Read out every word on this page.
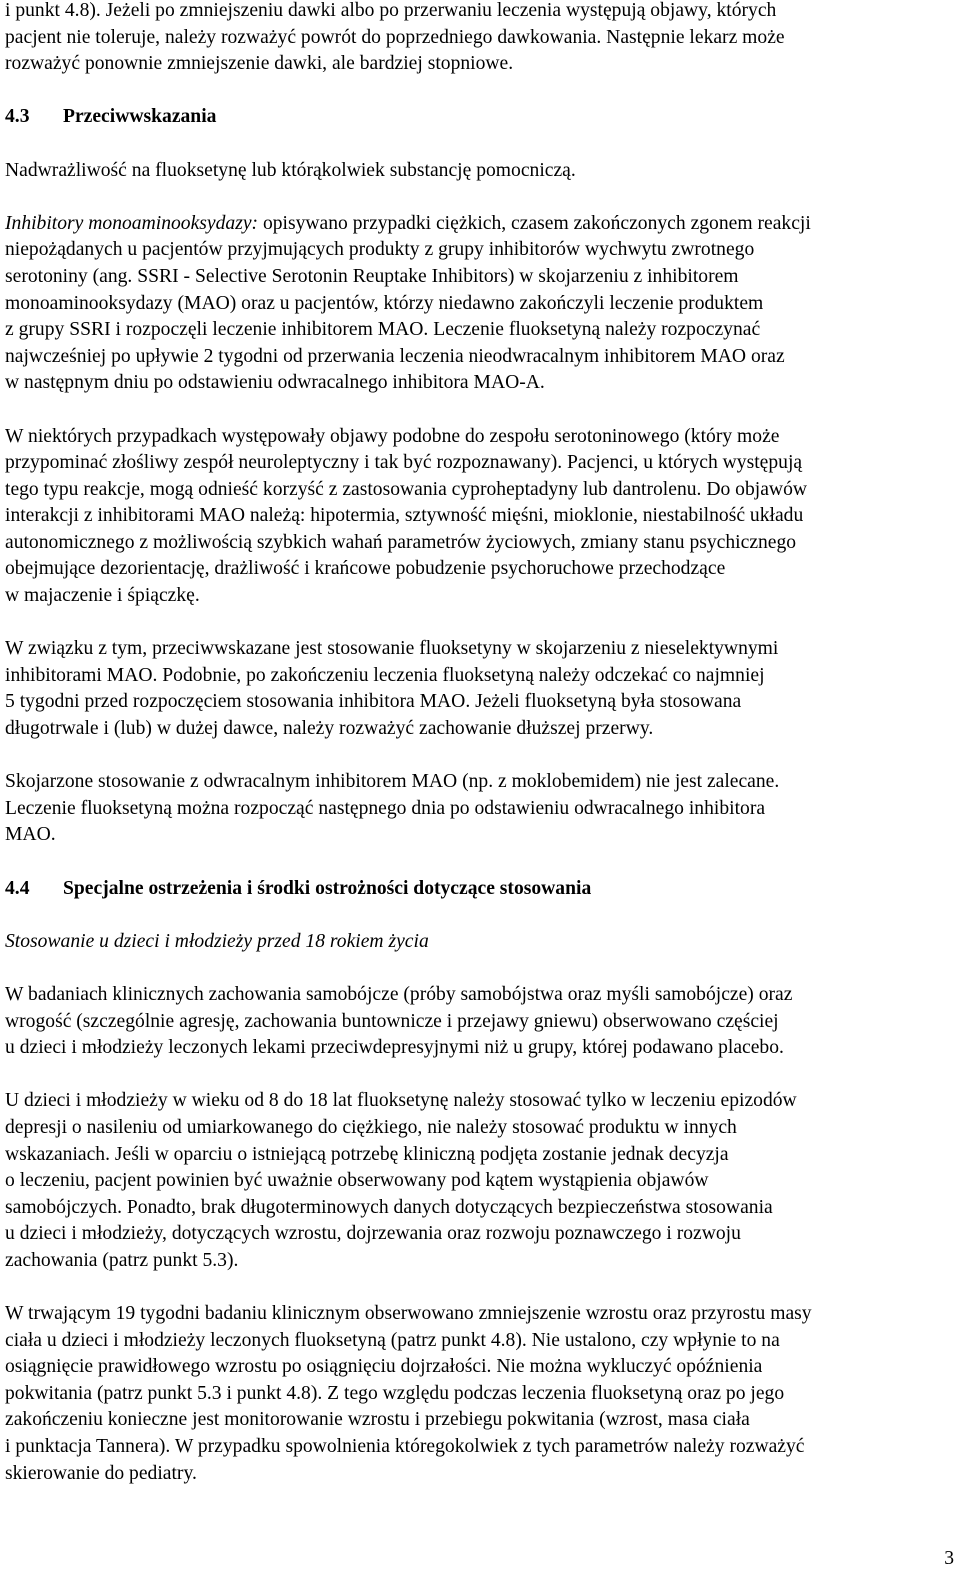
i punkt 4.8). Jeżeli po zmniejszeniu dawki albo po przerwaniu leczenia występują objawy, których
pacjent nie toleruje, należy rozważyć powrót do poprzedniego dawkowania. Następnie lekarz może
rozważyć ponownie zmniejszenie dawki, ale bardziej stopniowe.

4.3 Przeciwwskazania

Nadwrażliwość na fluoksetynę lub którąkolwiek substancję pomocniczą.

Inhibitory monoaminooksydazy: opisywano przypadki ciężkich, czasem zakończonych zgonem reakcji
niepożądanych u pacjentów przyjmujących produkty z grupy inhibitorów wychwytu zwrotnego
serotoniny (ang. SSRI - Selective Serotonin Reuptake Inhibitors) w skojarzeniu z inhibitorem
monoaminooksydazy (MAO) oraz u pacjentów, którzy niedawno zakończyli leczenie produktem
z grupy SSRI i rozpoczęli leczenie inhibitorem MAO. Leczenie fluoksetyną należy rozpoczynać
najwcześniej po upływie 2 tygodni od przerwania leczenia nieodwracalnym inhibitorem MAO oraz
w następnym dniu po odstawieniu odwracalnego inhibitora MAO-A.

W niektórych przypadkach występowały objawy podobne do zespołu serotoninowego (który może
przypominać złośliwy zespół neuroleptyczny i tak być rozpoznawany). Pacjenci, u których występują
tego typu reakcje, mogą odnieść korzyść z zastosowania cyproheptadyny lub dantrolenu. Do objawów
interakcji z inhibitorami MAO należą: hipotermia, sztywność mięśni, mioklonie, niestabilność układu
autonomicznego z możliwością szybkich wahań parametrów życiowych, zmiany stanu psychicznego
obejmujące dezorientację, drażliwość i krańcowe pobudzenie psychoruchowe przechodzące
w majaczenie i śpiączkę.

W związku z tym, przeciwwskazane jest stosowanie fluoksetyny w skojarzeniu z nieselektywnymi
inhibitorami MAO. Podobnie, po zakończeniu leczenia fluoksetyną należy odczekać co najmniej
5 tygodni przed rozpoczęciem stosowania inhibitora MAO. Jeżeli fluoksetyną była stosowana
długotrwale i (lub) w dużej dawce, należy rozważyć zachowanie dłuższej przerwy.

Skojarzone stosowanie z odwracalnym inhibitorem MAO (np. z moklobemidem) nie jest zalecane.
Leczenie fluoksetyną można rozpocząć następnego dnia po odstawieniu odwracalnego inhibitora
MAO.

4.4 Specjalne ostrzeżenia i środki ostrożności dotyczące stosowania

Stosowanie u dzieci i młodzieży przed 18 rokiem życia

W badaniach klinicznych zachowania samobójcze (próby samobójstwa oraz myśli samobójcze) oraz
wrogość (szczególnie agresję, zachowania buntownicze i przejawy gniewu) obserwowano częściej
u dzieci i młodzieży leczonych lekami przeciwdepresyjnymi niż u grupy, której podawano placebo.

U dzieci i młodzieży w wieku od 8 do 18 lat fluoksetynę należy stosować tylko w leczeniu epizodów
depresji o nasileniu od umiarkowanego do ciężkiego, nie należy stosować produktu w innych
wskazaniach. Jeśli w oparciu o istniejącą potrzebę kliniczną podjęta zostanie jednak decyzja
o leczeniu, pacjent powinien być uważnie obserwowany pod kątem wystąpienia objawów
samobójczych. Ponadto, brak długoterminowych danych dotyczących bezpieczeństwa stosowania
u dzieci i młodzieży, dotyczących wzrostu, dojrzewania oraz rozwoju poznawczego i rozwoju
zachowania (patrz punkt 5.3).

W trwającym 19 tygodni badaniu klinicznym obserwowano zmniejszenie wzrostu oraz przyrostu masy
ciała u dzieci i młodzieży leczonych fluoksetyną (patrz punkt 4.8). Nie ustalono, czy wpłynie to na
osiągnięcie prawidłowego wzrostu po osiągnięciu dojrzałości. Nie można wykluczyć opóźnienia
pokwitania (patrz punkt 5.3 i punkt 4.8). Z tego względu podczas leczenia fluoksetyną oraz po jego
zakończeniu konieczne jest monitorowanie wzrostu i przebiegu pokwitania (wzrost, masa ciała
i punktacja Tannera). W przypadku spowolnienia któregokolwiek z tych parametrów należy rozważyć
skierowanie do pediatry.

3
